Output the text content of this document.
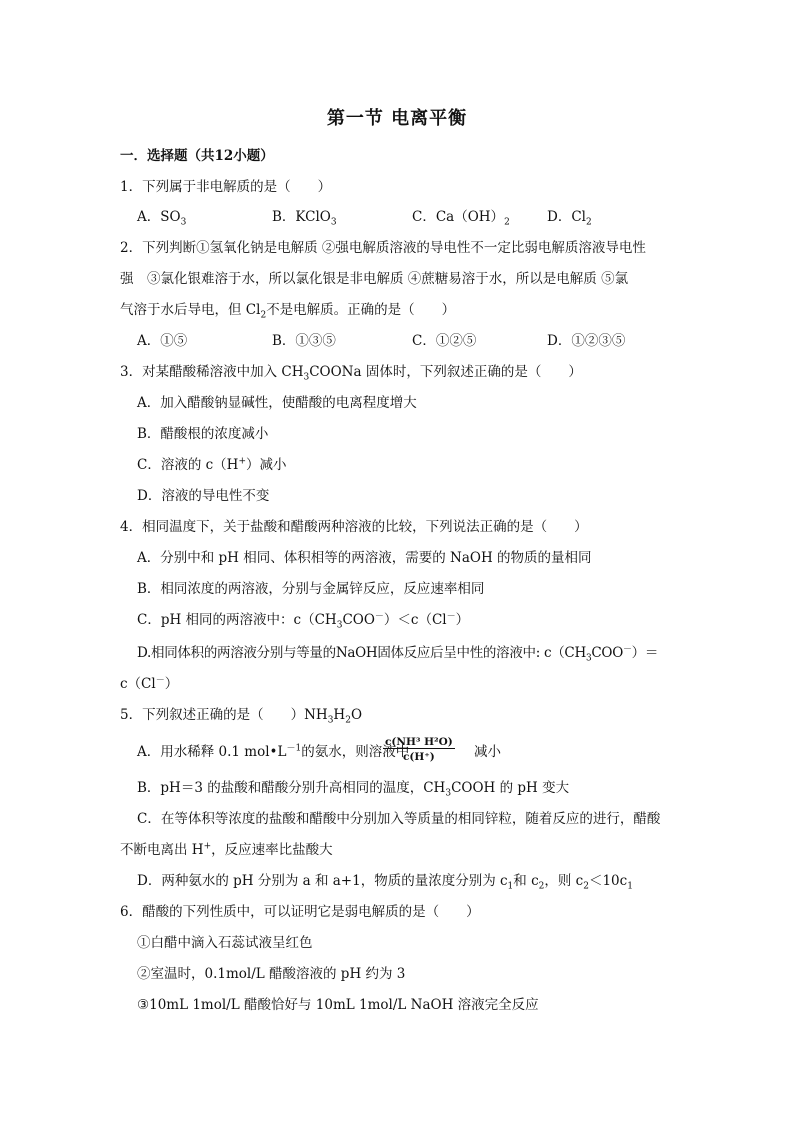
第一节 电离平衡
一．选择题（共12小题）
1．下列属于非电解质的是（　　）
A．$SO_3$	B．KClO$_3$	C．$Ca(OH)_2$	D．$Cl_2$
2．下列判断①氢氧化钠是电解质 ②强电解质溶液的导电性不一定比弱电解质溶液导电性
强　③氯化银难溶于水，所以氯化银是非电解质 ④蔗糖易溶于水，所以是电解质 ⑤氯
气溶于水后导电，但 $Cl_2$不是电解质。正确的是（　　）
A．①⑤	B．①③⑤	C．①②⑤	D．①②③⑤
3．对某醋酸稀溶液中加入 $CH_3COONa$ 固体时，下列叙述正确的是（　　）
A．加入醋酸钠显碱性，使醋酸的电离程度增大
B．醋酸根的浓度减小
C．溶液的 c（H+）减小
D．溶液的导电性不变
4．相同温度下，关于盐酸和醋酸两种溶液的比较，下列说法正确的是（　　）
A．分别中和 pH 相同、体积相等的两溶液，需要的 NaOH 的物质的量相同
B．相同浓度的两溶液，分别与金属锌反应，反应速率相同
C．pH 相同的两溶液中：$c(CH_3COO^-)<c(Cl^-)$
D.相同体积的两溶液分别与等量的NaOH固体反应后呈中性的溶液中: $c(CH_3COO^-)=$
c（Cl－）
5．下列叙述正确的是（　　）$NH_3H_2O$
A．用水稀释 0.1 $mol•L^{-1}$的氨水，则溶液中
$\frac{\text{c(NH³ H²O)}}{c(H^+)}$ 减小
B．pH＝3 的盐酸和醋酸分别升高相同的温度，$CH_3COOH$ 的 pH 变大
C．在等体积等浓度的盐酸和醋酸中分别加入等质量的相同锌粒，随着反应的进行，醋酸
不断电离出 H+，反应速率比盐酸大
D．两种氨水的 pH 分别为 a 和 a+1，物质的量浓度分别为 $c_1$和 $c_2$，则 $c_2<10c_1$
6．醋酸的下列性质中，可以证明它是弱电解质的是（　　）
①白醋中滴入石蕊试液呈红色
②室温时，0.1mol/L 醋酸溶液的 pH 约为 3
③10mL 1mol/L 醋酸恰好与 10mL 1mol/L NaOH 溶液完全反应
